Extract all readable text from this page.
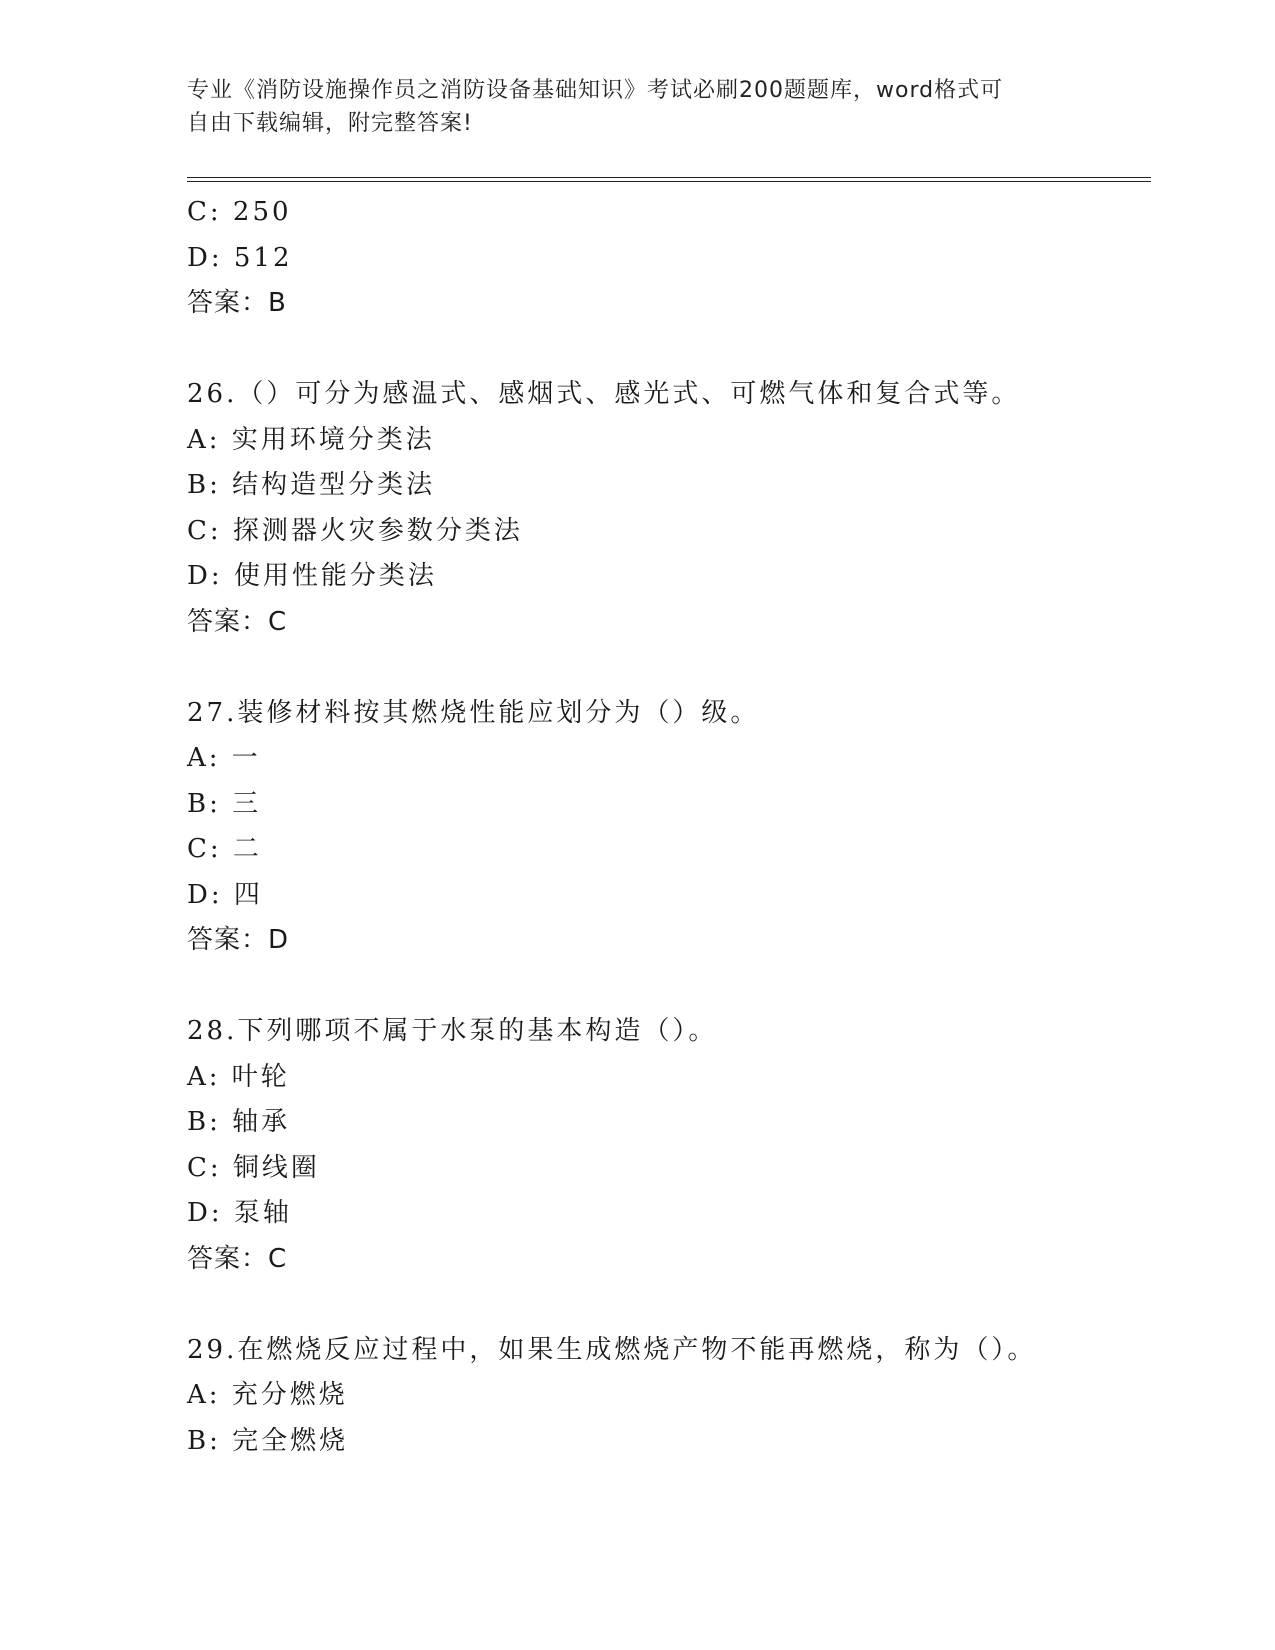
专业《消防设施操作员之消防设备基础知识》考试必刷200题题库，word格式可
自由下载编辑，附完整答案!
C: 250
D: 512
答案：B
26.（）可分为感温式、感烟式、感光式、可燃气体和复合式等。
A: 实用环境分类法
B: 结构造型分类法
C: 探测器火灾参数分类法
D: 使用性能分类法
答案：C
27.装修材料按其燃烧性能应划分为（）级。
A: 一
B: 三
C: 二
D: 四
答案：D
28.下列哪项不属于水泵的基本构造（）。
A: 叶轮
B: 轴承
C: 铜线圈
D: 泵轴
答案：C
29.在燃烧反应过程中，如果生成燃烧产物不能再燃烧，称为（）。
A: 充分燃烧
B: 完全燃烧
